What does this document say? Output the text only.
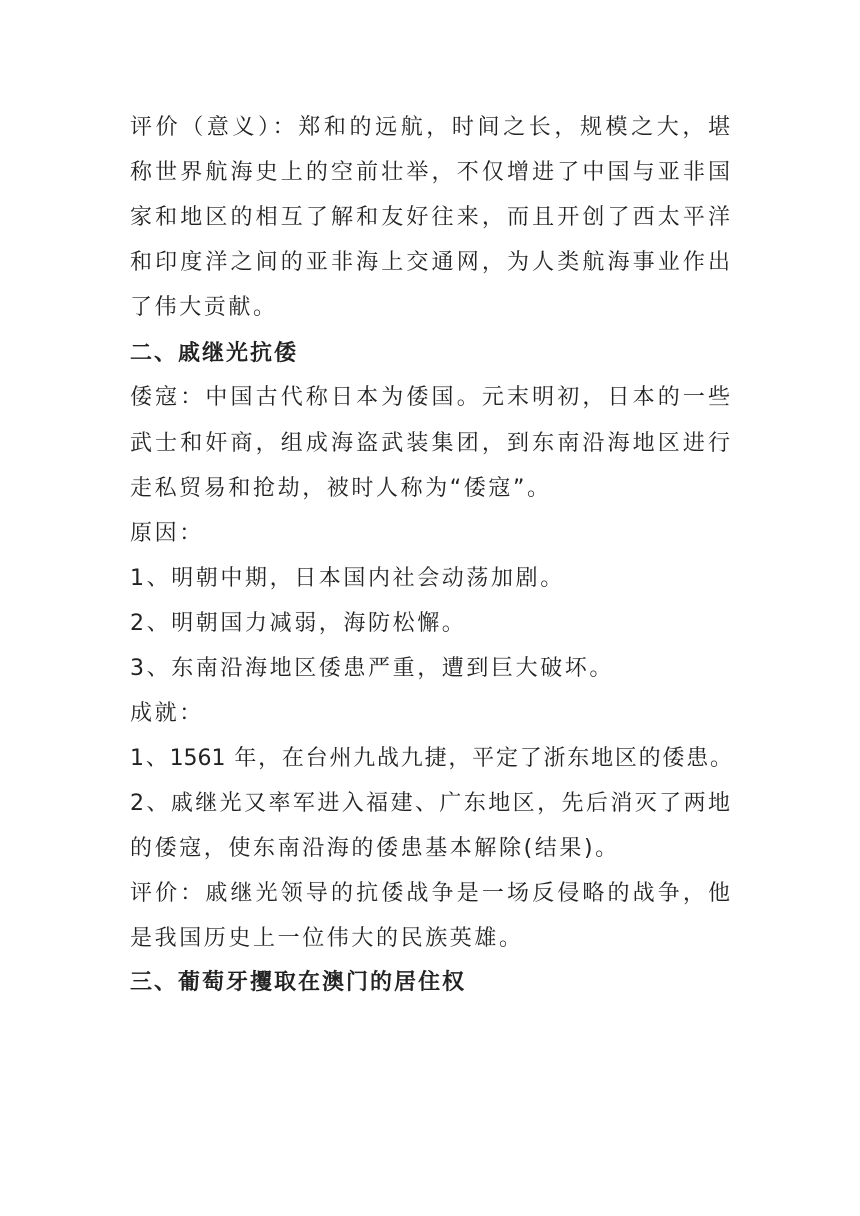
评价（意义）：郑和的远航，时间之长，规模之大，堪

称世界航海史上的空前壮举，不仅增进了中国与亚非国

家和地区的相互了解和友好往来，而且开创了西太平洋

和印度洋之间的亚非海上交通网，为人类航海事业作出

了伟大贡献。

二、戚继光抗倭

倭寇：中国古代称日本为倭国。元末明初，日本的一些

武士和奸商，组成海盗武装集团，到东南沿海地区进行

走私贸易和抢劫，被时人称为“倭寇”。

原因：

1、明朝中期，日本国内社会动荡加剧。

2、明朝国力减弱，海防松懈。

3、东南沿海地区倭患严重，遭到巨大破坏。

成就：

1、1561 年，在台州九战九捷，平定了浙东地区的倭患。

2、戚继光又率军进入福建、广东地区，先后消灭了两地

的倭寇，使东南沿海的倭患基本解除(结果)。

评价：戚继光领导的抗倭战争是一场反侵略的战争，他

是我国历史上一位伟大的民族英雄。

三、葡萄牙攫取在澳门的居住权
